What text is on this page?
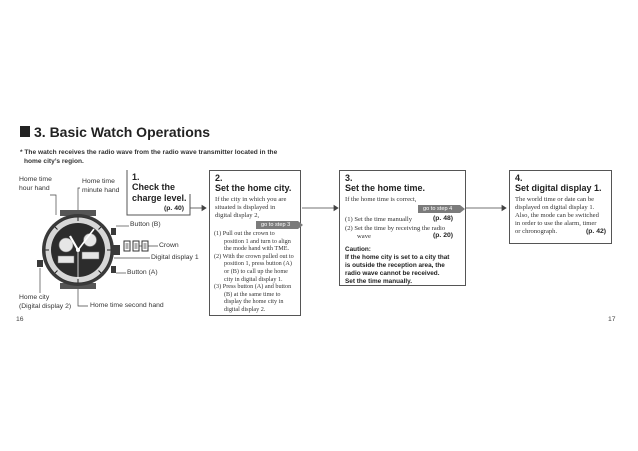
3. Basic Watch Operations
* The watch receives the radio wave from the radio wave transmitter located in the
home city’s region.
Home time
hour hand
Home time
minute hand
Button (B)
Crown
Digital display 1
Button (A)
Home city
(Digital display 2)	Home time second hand
1.
Check the
charge level.
(p. 40)
2.
Set the home city.
If the city in which you are
situated is displayed in
digital display 2,
go to step 3
(1) Pull out the crown to
position 1 and turn to align
the mode hand with TME.
(2) With the crown pulled out to
position 1, press button (A)
or (B) to call up the home
city in digital display 1.
(3) Press button (A) and button
(B) at the same time to
display the home city in
digital display 2.
3.
Set the home time.
If the home time is correct,
go to step 4
(1) Set the time manually	(p. 48)
(2) Set the time by receiving the radio
wave	(p. 20)
Caution:
If the home city is set to a city that
is outside the reception area, the
radio wave cannot be received.
Set the time manually.
4.
Set digital display 1.
The world time or date can be
displayed on digital display 1.
Also, the mode can be switched
in order to use the alarm, timer
or chronograph.	(p. 42)
16	17
